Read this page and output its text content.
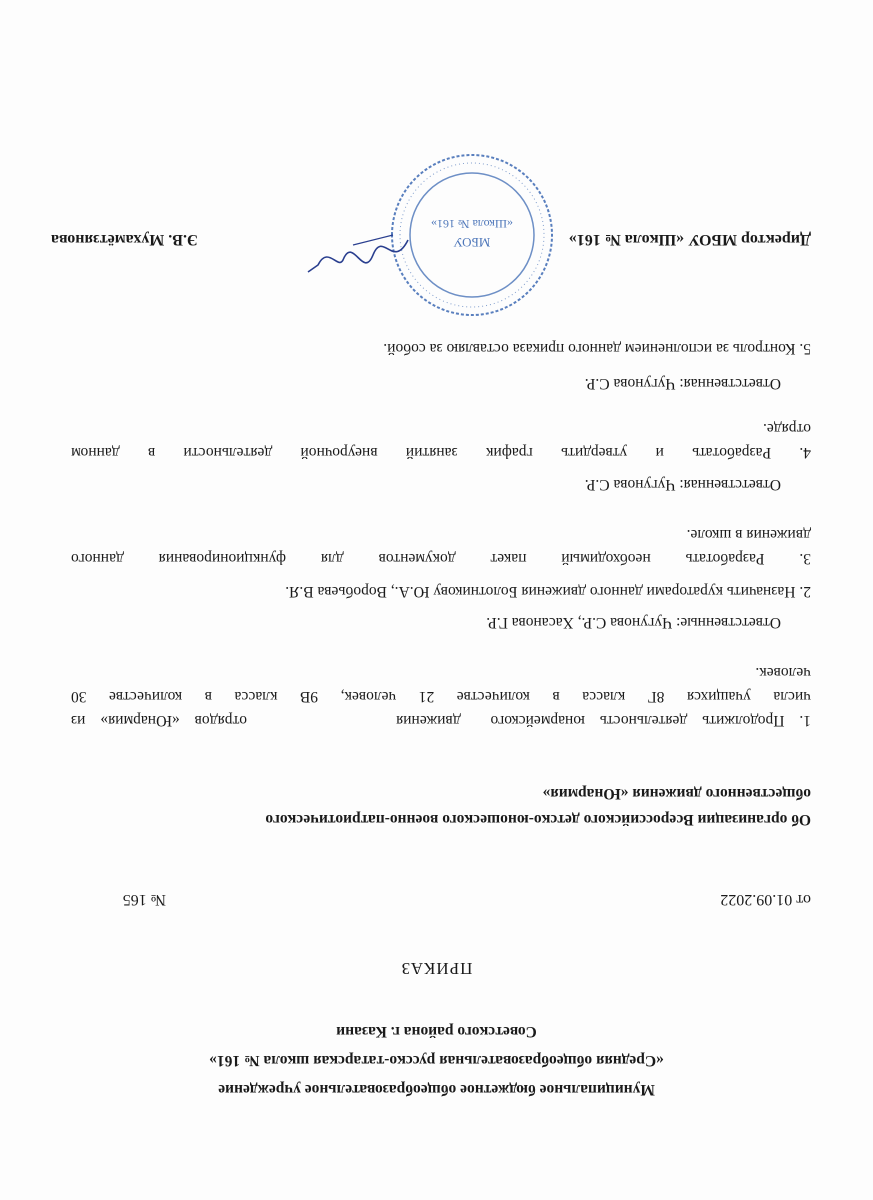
Муниципальное бюджетное общеобразовательное учреждение
«Средняя общеобразовательная русско-татарская школа № 161»
Советского района г. Казани
ПРИКАЗ
от 01.09.2022
№ 165
Об организации Всероссийского детско-юношеского военно-патриотического
общественного движения «Юнармия»
1. Продолжить деятельность юнармейского  движения          отрядов «Юнармия» из
числа учащихся 8Г класса в количестве 21 человек, 9В класса в количестве 30
человек.
Ответственные: Чугунова С.Р., Хасанова Г.Р.
2. Назначить кураторами данного движения Болотникову Ю.А., Воробьева В.Я.
3. Разработать необходимый пакет документов для функционирования данного
движения в школе.
Ответственная: Чугунова С.Р.
4. Разработать и утвердить график занятий внеурочной деятельности в данном
отряде.
Ответственная: Чугунова С.Р.
5. Контроль за исполнением данного приказа оставляю за собой.
МБОУ
«Школа № 161»
Директор МБОУ «Школа № 161»
Э.В. Мухамётзянова
